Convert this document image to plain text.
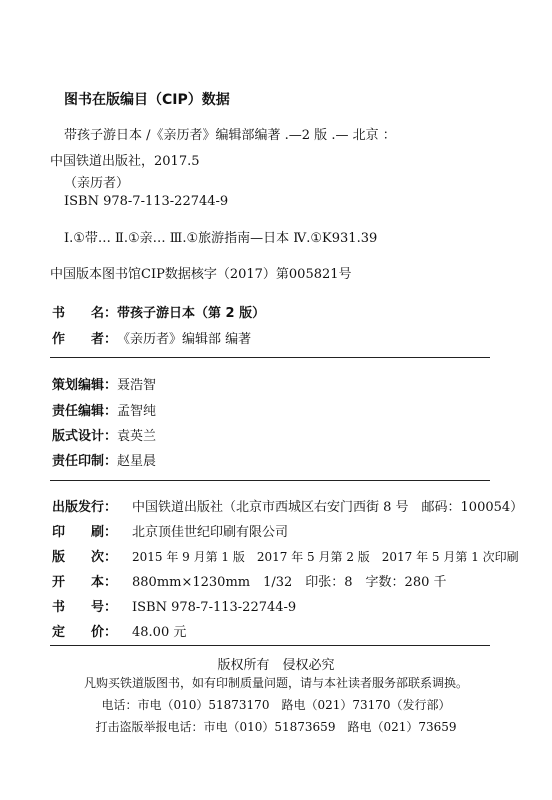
图书在版编目（CIP）数据
带孩子游日本 /《亲历者》编辑部编著 .—2 版 .— 北京 ：
中国铁道出版社，2017.5
（亲历者）
ISBN 978-7-113-22744-9
Ⅰ.①带… Ⅱ.①亲… Ⅲ.①旅游指南—日本 Ⅳ.①K931.39
中国版本图书馆CIP数据核字（2017）第005821号
书　　名：带孩子游日本（第 2 版）
作　　者：《亲历者》编辑部 编著
策划编辑：聂浩智
责任编辑：孟智纯
版式设计：袁英兰
责任印制：赵星晨
出版发行： 中国铁道出版社（北京市西城区右安门西街 8 号　邮码：100054）
印　　刷： 北京顶佳世纪印刷有限公司
版　　次： 2015 年 9 月第 1 版　2017 年 5 月第 2 版　2017 年 5 月第 1 次印刷
开　　本： 880mm×1230mm　1/32　印张：8　字数：280 千
书　　号： ISBN 978-7-113-22744-9
定　　价： 48.00 元
版权所有　侵权必究
凡购买铁道版图书，如有印制质量问题，请与本社读者服务部联系调换。
电话：市电（010）51873170　路电（021）73170（发行部）
打击盗版举报电话：市电（010）51873659　路电（021）73659
